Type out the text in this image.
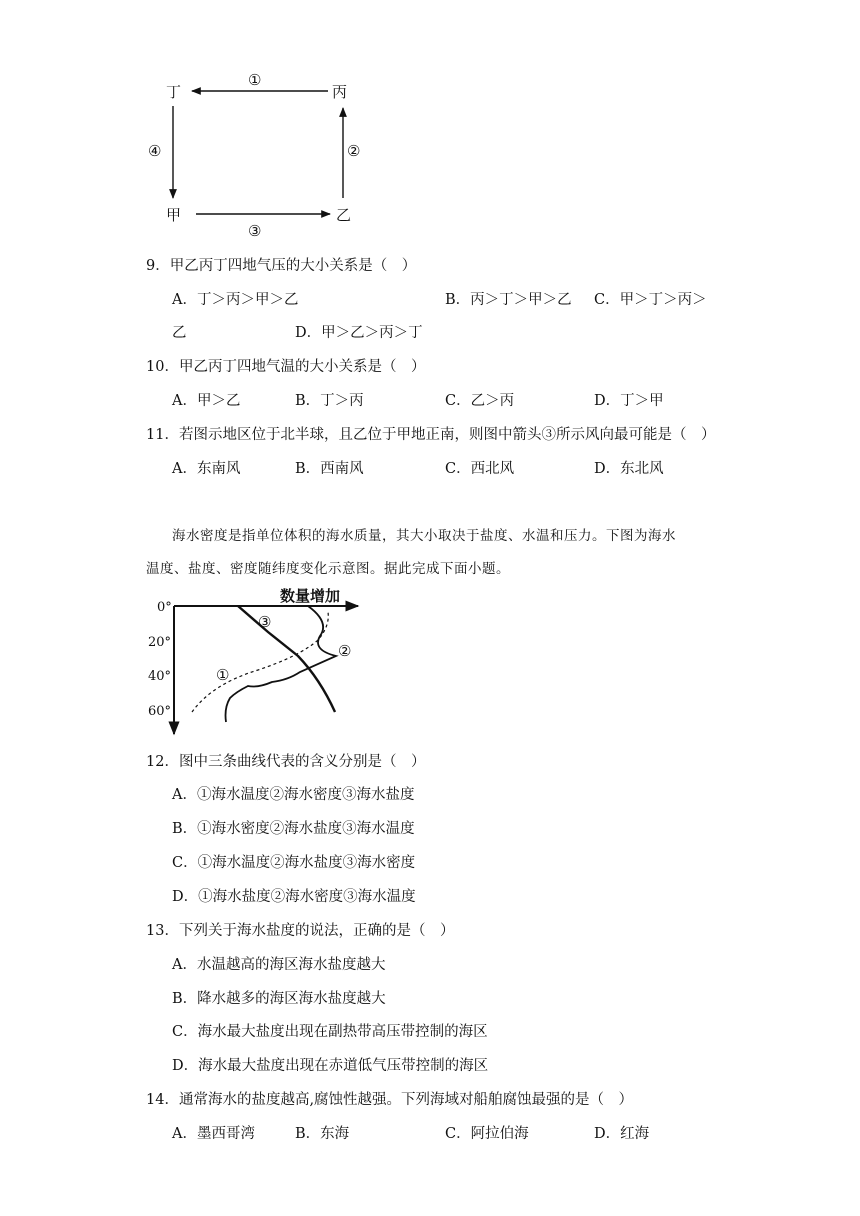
丁	丙
甲	乙
①
②
③
④
9．甲乙丙丁四地气压的大小关系是（　）
A．丁＞丙＞甲＞乙	B．丙＞丁＞甲＞乙 C．甲＞丁＞丙＞
乙	D．甲＞乙＞丙＞丁
10．甲乙丙丁四地气温的大小关系是（　）
A．甲＞乙	B．丁＞丙	C．乙＞丙	D．丁＞甲
11．若图示地区位于北半球，且乙位于甲地正南，则图中箭头③所示风向最可能是（　）
A．东南风	B．西南风	C．西北风	D．东北风
海水密度是指单位体积的海水质量，其大小取决于盐度、水温和压力。下图为海水
温度、盐度、密度随纬度变化示意图。据此完成下面小题。
数量增加
0°
20°
40°
60°
③
②
①
12．图中三条曲线代表的含义分别是（　）
A．①海水温度②海水密度③海水盐度
B．①海水密度②海水盐度③海水温度
C．①海水温度②海水盐度③海水密度
D．①海水盐度②海水密度③海水温度
13．下列关于海水盐度的说法，正确的是（　）
A．水温越高的海区海水盐度越大
B．降水越多的海区海水盐度越大
C．海水最大盐度出现在副热带高压带控制的海区
D．海水最大盐度出现在赤道低气压带控制的海区
14．通常海水的盐度越高,腐蚀性越强。下列海域对船舶腐蚀最强的是（　）
A．墨西哥湾	B．东海	C．阿拉伯海	D．红海
